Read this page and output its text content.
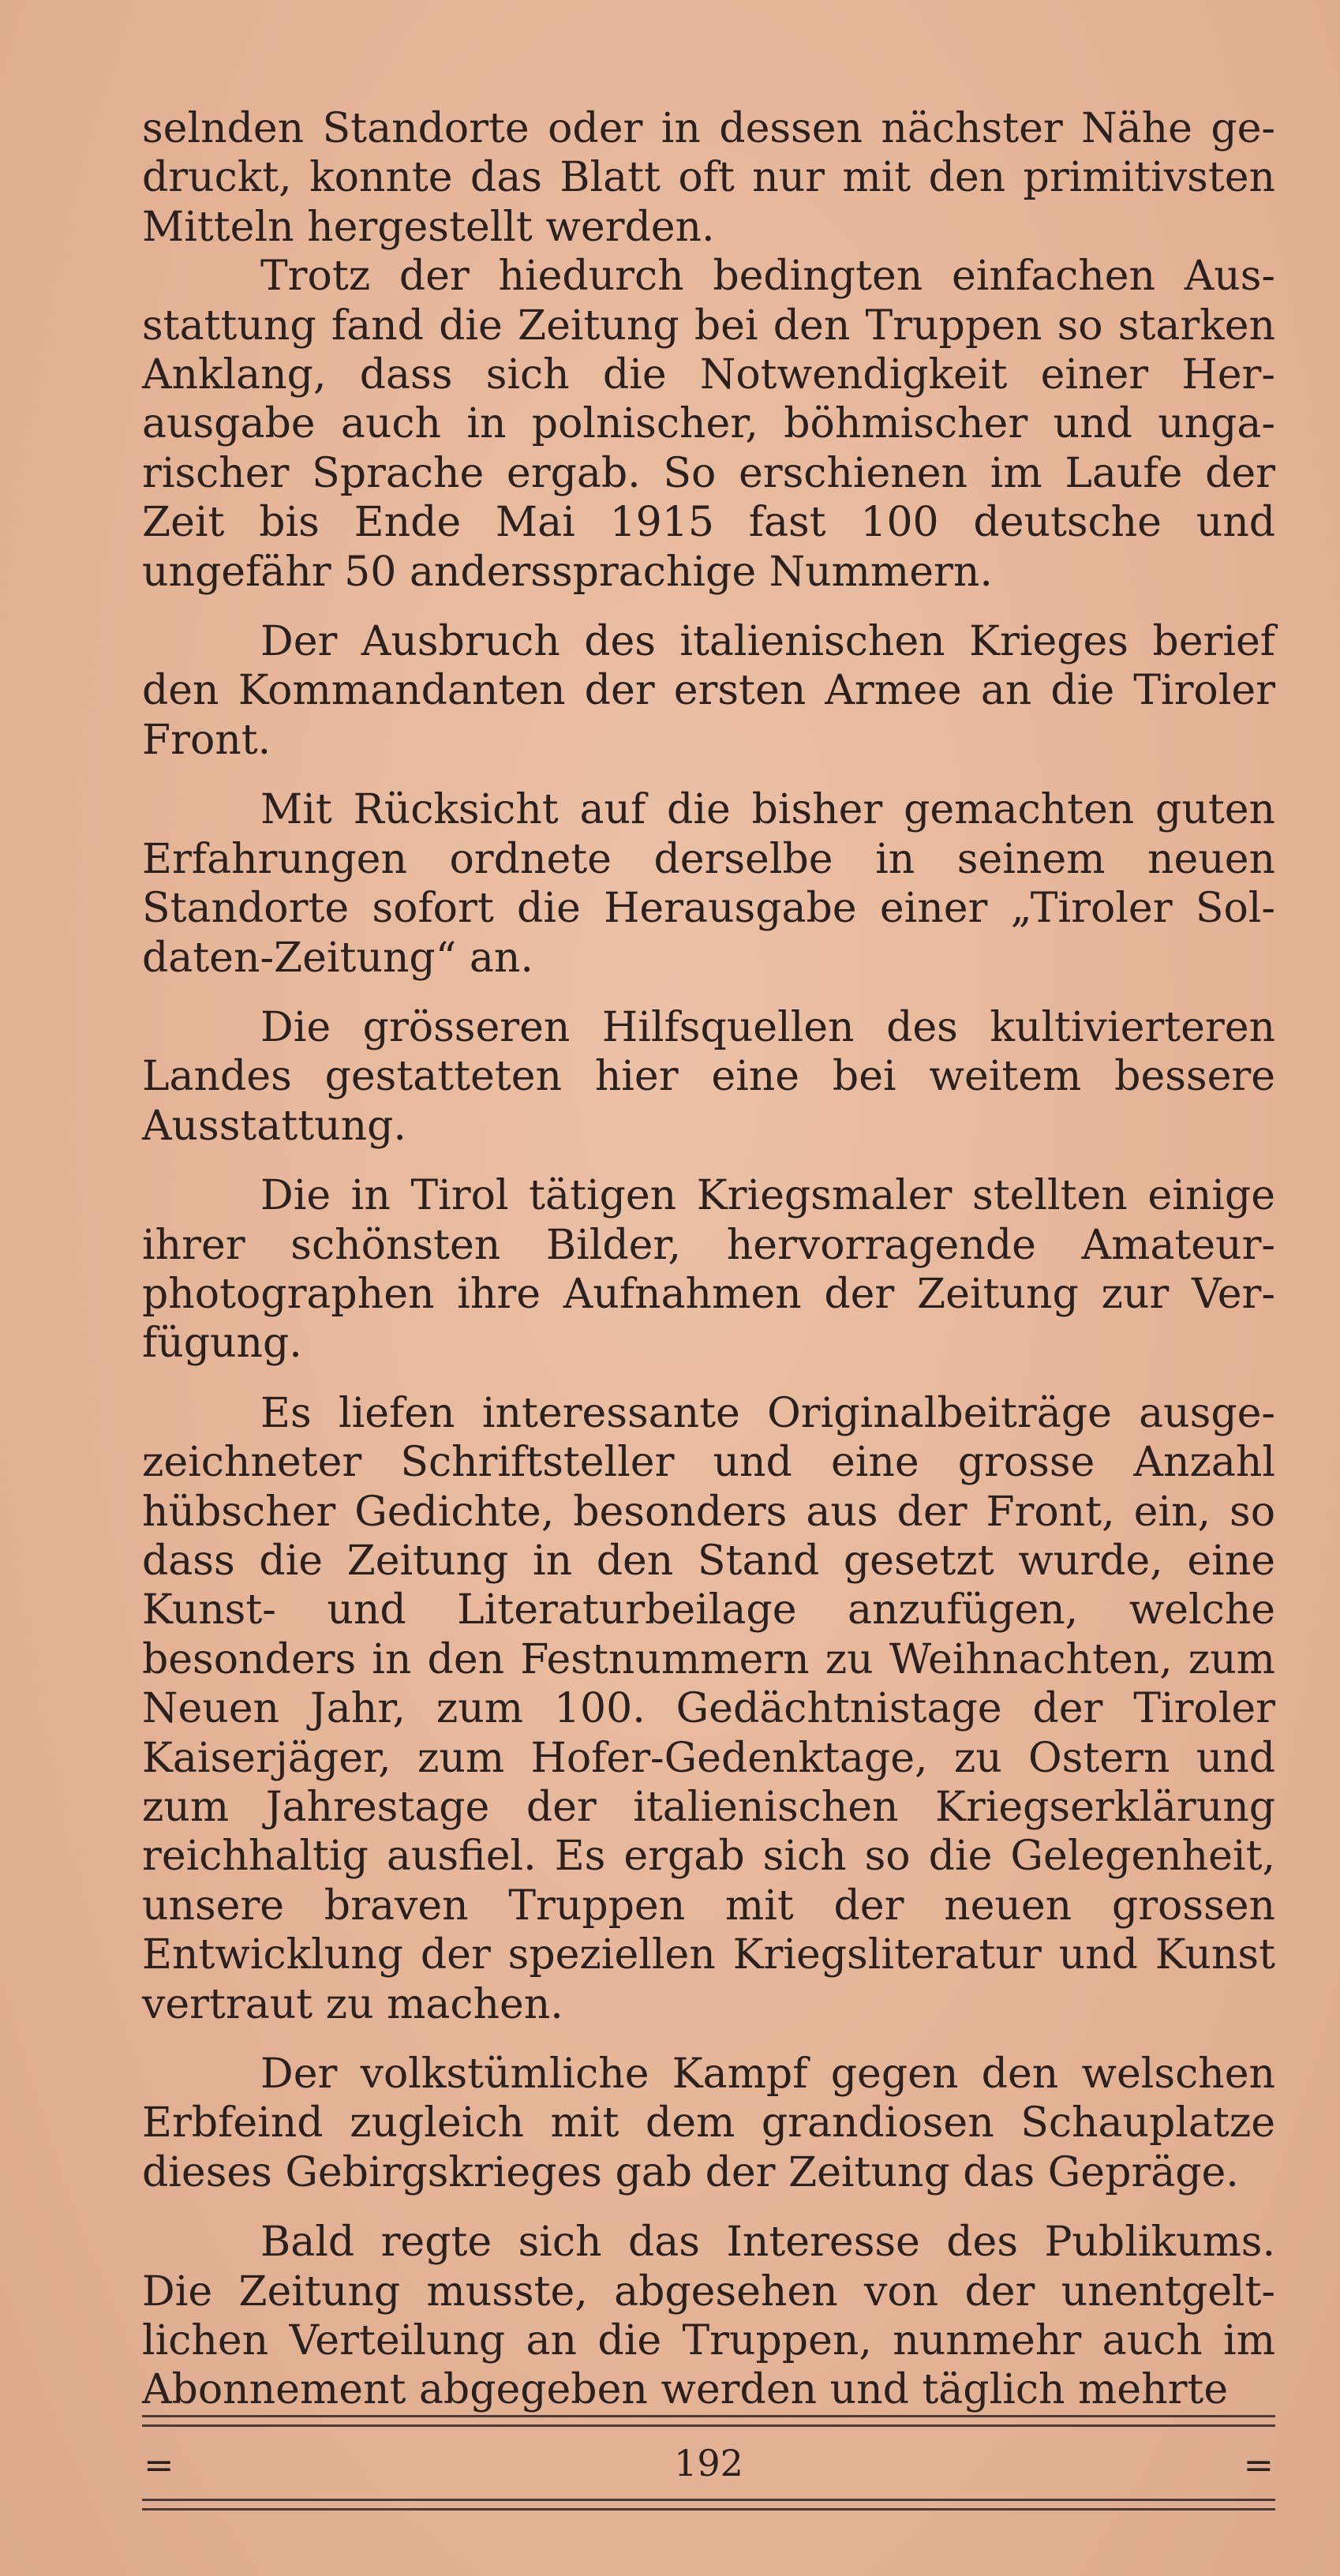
selnden Standorte oder in dessen nächster Nähe gedruckt, konnte das Blatt oft nur mit den primitivsten Mitteln hergestellt werden.

Trotz der hiedurch bedingten einfachen Ausstattung fand die Zeitung bei den Truppen so starken Anklang, dass sich die Notwendigkeit einer Herausgabe auch in polnischer, böhmischer und ungarischer Sprache ergab. So erschienen im Laufe der Zeit bis Ende Mai 1915 fast 100 deutsche und ungefähr 50 anderssprachige Nummern.

Der Ausbruch des italienischen Krieges berief den Kommandanten der ersten Armee an die Tiroler Front.

Mit Rücksicht auf die bisher gemachten guten Erfahrungen ordnete derselbe in seinem neuen Standorte sofort die Herausgabe einer „Tiroler Soldaten-Zeitung“ an.

Die grösseren Hilfsquellen des kultivierteren Landes gestatteten hier eine bei weitem bessere Ausstattung.

Die in Tirol tätigen Kriegsmaler stellten einige ihrer schönsten Bilder, hervorragende Amateurphotographen ihre Aufnahmen der Zeitung zur Verfügung.

Es liefen interessante Originalbeiträge ausgezeichneter Schriftsteller und eine grosse Anzahl hübscher Gedichte, besonders aus der Front, ein, so dass die Zeitung in den Stand gesetzt wurde, eine Kunst- und Literaturbeilage anzufügen, welche besonders in den Festnummern zu Weihnachten, zum Neuen Jahr, zum 100. Gedächtnistage der Tiroler Kaiserjäger, zum Hofer-Gedenktage, zu Ostern und zum Jahrestage der italienischen Kriegserklärung reichhaltig ausfiel. Es ergab sich so die Gelegenheit, unsere braven Truppen mit der neuen grossen Entwicklung der speziellen Kriegsliteratur und Kunst vertraut zu machen.

Der volkstümliche Kampf gegen den welschen Erbfeind zugleich mit dem grandiosen Schauplatze dieses Gebirgskrieges gab der Zeitung das Gepräge.

Bald regte sich das Interesse des Publikums. Die Zeitung musste, abgesehen von der unentgeltlichen Verteilung an die Truppen, nunmehr auch im Abonnement abgegeben werden und täglich mehrte

=	192	=
